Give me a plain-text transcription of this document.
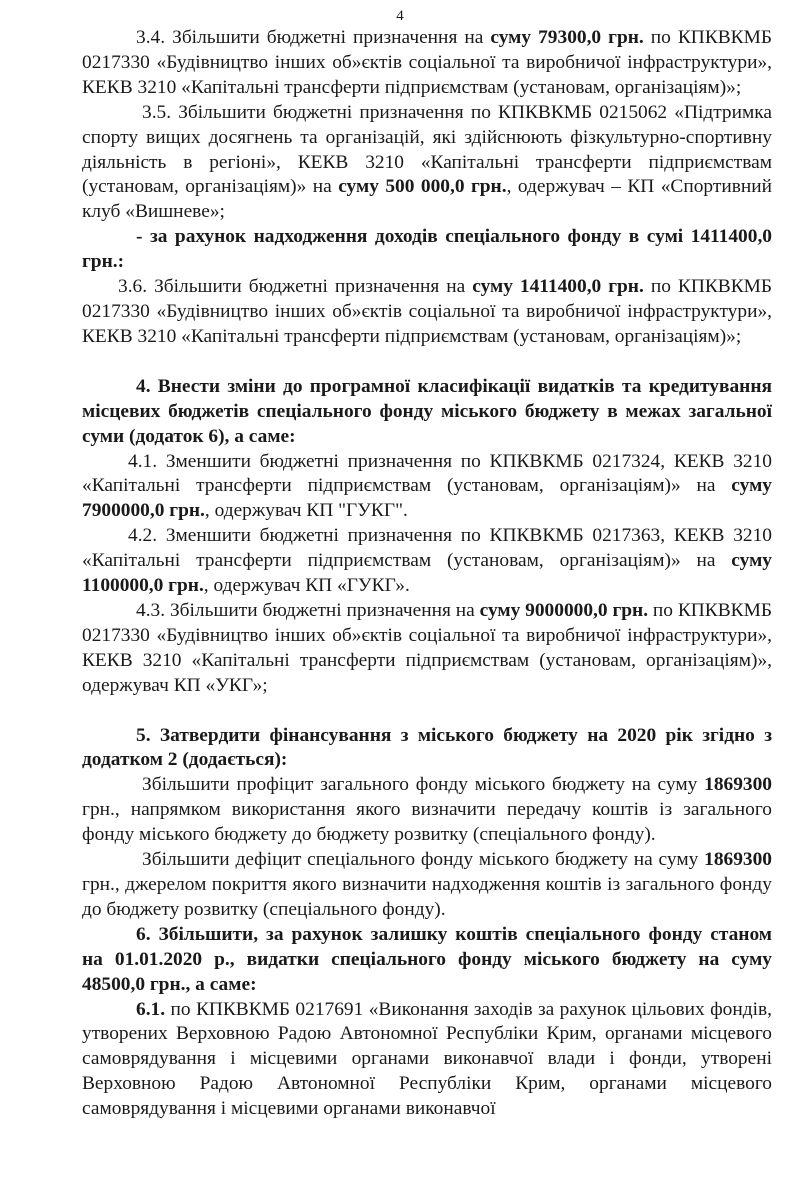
4

3.4. Збільшити бюджетні призначення на суму 79300,0 грн. по КПКВКМБ 0217330 «Будівництво інших об»єктів соціальної та виробничої інфраструктури», КЕКВ 3210 «Капітальні трансферти підприємствам (установам, організаціям)»;

3.5. Збільшити бюджетні призначення по КПКВКМБ 0215062 «Підтримка спорту вищих досягнень та організацій, які здійснюють фізкультурно-спортивну діяльність в регіоні», КЕКВ 3210 «Капітальні трансферти підприємствам (установам, організаціям)» на суму 500 000,0 грн., одержувач – КП «Спортивний клуб «Вишневе»;

- за рахунок надходження доходів спеціального фонду в сумі 1411400,0 грн.:

3.6. Збільшити бюджетні призначення на суму 1411400,0 грн. по КПКВКМБ 0217330 «Будівництво інших об»єктів соціальної та виробничої інфраструктури», КЕКВ 3210 «Капітальні трансферти підприємствам (установам, організаціям)»;

4. Внести зміни до програмної класифікації видатків та кредитування місцевих бюджетів спеціального фонду міського бюджету в межах загальної суми (додаток 6), а саме:

4.1. Зменшити бюджетні призначення по КПКВКМБ 0217324, КЕКВ 3210 «Капітальні трансферти підприємствам (установам, організаціям)» на суму 7900000,0 грн., одержувач КП "ГУКГ".

4.2. Зменшити бюджетні призначення по КПКВКМБ 0217363, КЕКВ 3210 «Капітальні трансферти підприємствам (установам, організаціям)» на суму 1100000,0 грн., одержувач КП «ГУКГ».

4.3. Збільшити бюджетні призначення на суму 9000000,0 грн. по КПКВКМБ 0217330 «Будівництво інших об»єктів соціальної та виробничої інфраструктури», КЕКВ 3210 «Капітальні трансферти підприємствам (установам, організаціям)», одержувач КП «УКГ»;

5. Затвердити фінансування з міського бюджету на 2020 рік згідно з додатком 2 (додається):

Збільшити профіцит загального фонду міського бюджету на суму 1869300 грн., напрямком використання якого визначити передачу коштів із загального фонду міського бюджету до бюджету розвитку (спеціального фонду).

Збільшити дефіцит спеціального фонду міського бюджету на суму 1869300 грн., джерелом покриття якого визначити надходження коштів із загального фонду до бюджету розвитку (спеціального фонду).

6. Збільшити, за рахунок залишку коштів спеціального фонду станом на 01.01.2020 р., видатки спеціального фонду міського бюджету на суму 48500,0 грн., а саме:

6.1. по КПКВКМБ 0217691 «Виконання заходів за рахунок цільових фондів, утворених Верховною Радою Автономної Республіки Крим, органами місцевого самоврядування і місцевими органами виконавчої влади і фонди, утворені Верховною Радою Автономної Республіки Крим, органами місцевого самоврядування і місцевими органами виконавчої
